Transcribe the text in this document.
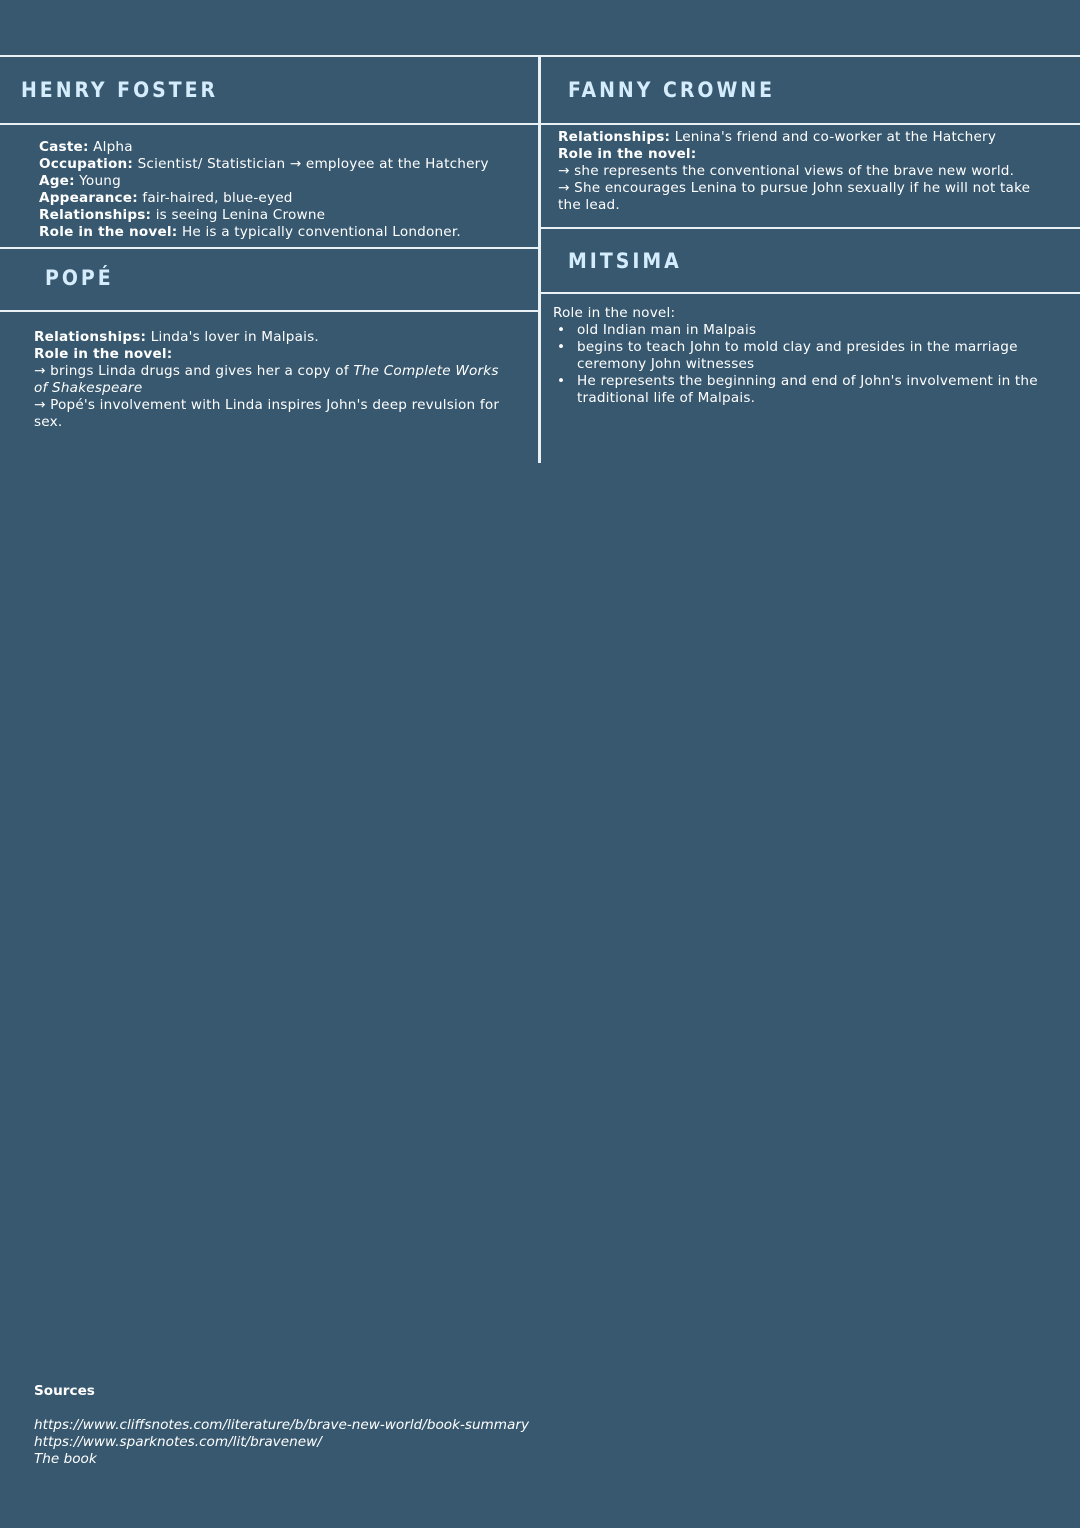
HENRY FOSTER

Caste: Alpha

Occupation: Scientist/ Statistician → employee at the Hatchery

Age: Young

Appearance: fair-haired, blue-eyed

Relationships: is seeing Lenina Crowne

Role in the novel: He is a typically conventional Londoner.

FANNY CROWNE

Relationships: Lenina's friend and co-worker at the Hatchery

Role in the novel:

→ she represents the conventional views of the brave new world.

→ She encourages Lenina to pursue John sexually if he will not take the lead.

POPÉ

Relationships: Linda's lover in Malpais.

Role in the novel:

→ brings Linda drugs and gives her a copy of The Complete Works of Shakespeare

→ Popé's involvement with Linda inspires John's deep revulsion for sex.

MITSIMA

Role in the novel:

• old Indian man in Malpais
• begins to teach John to mold clay and presides in the marriage ceremony John witnesses
• He represents the beginning and end of John's involvement in the traditional life of Malpais.
Sources

https://www.cliffsnotes.com/literature/b/brave-new-world/book-summary

https://www.sparknotes.com/lit/bravenew/

The book
